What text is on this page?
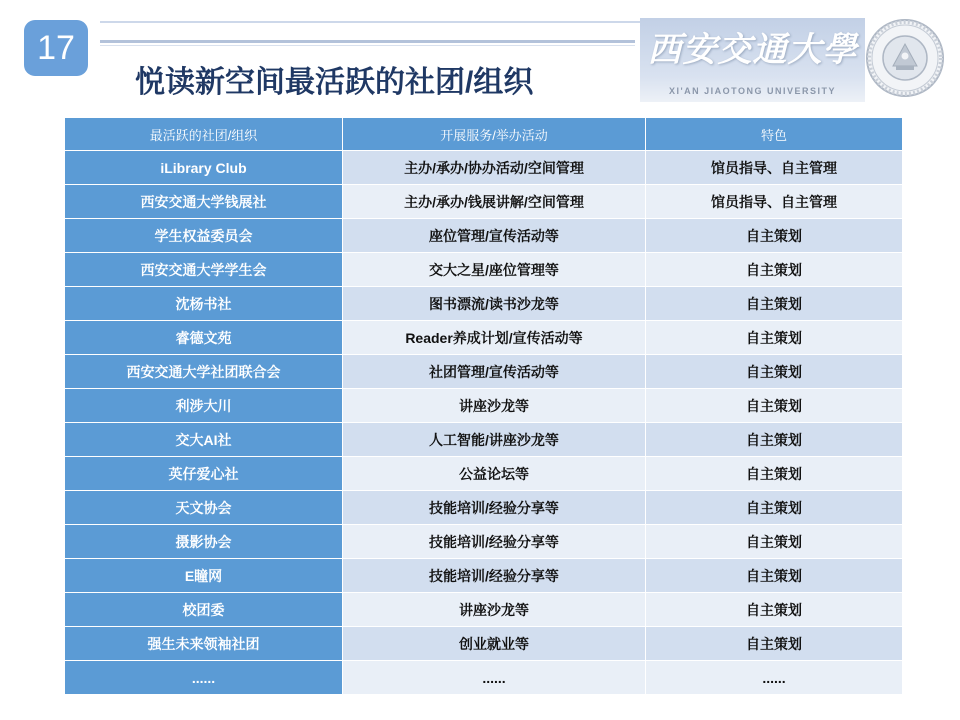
17
悦读新空间最活跃的社团/组织
西安交通大學
XI'AN JIAOTONG UNIVERSITY
最活跃的社团/组织	开展服务/举办活动	特色
iLibrary Club	主办/承办/协办活动/空间管理	馆员指导、自主管理
西安交通大学钱展社	主办/承办/钱展讲解/空间管理	馆员指导、自主管理
学生权益委员会	座位管理/宣传活动等	自主策划
西安交通大学学生会	交大之星/座位管理等	自主策划
沈杨书社	图书漂流/读书沙龙等	自主策划
睿德文苑	Reader养成计划/宣传活动等	自主策划
西安交通大学社团联合会	社团管理/宣传活动等	自主策划
利涉大川	讲座沙龙等	自主策划
交大AI社	人工智能/讲座沙龙等	自主策划
英仔爱心社	公益论坛等	自主策划
天文协会	技能培训/经验分享等	自主策划
摄影协会	技能培训/经验分享等	自主策划
E瞳网	技能培训/经验分享等	自主策划
校团委	讲座沙龙等	自主策划
强生未来领袖社团	创业就业等	自主策划
......	......	......
